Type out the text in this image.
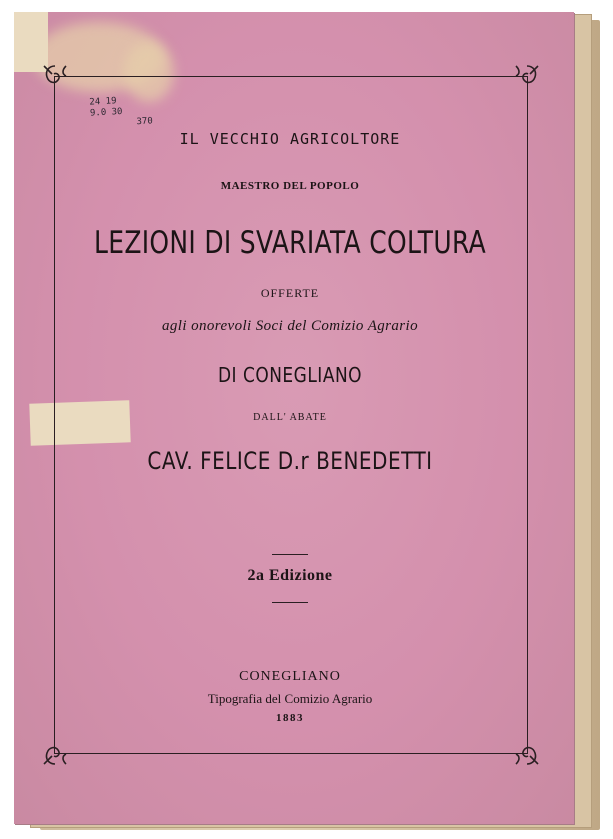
24 19
9.0 30
370

IL VECCHIO AGRICOLTORE

MAESTRO DEL POPOLO

LEZIONI DI SVARIATA COLTURA

OFFERTE

agli onorevoli Soci del Comizio Agrario

DI CONEGLIANO

DALL' ABATE

CAV. FELICE D.r BENEDETTI

2a Edizione

CONEGLIANO

Tipografia del Comizio Agrario

1883
